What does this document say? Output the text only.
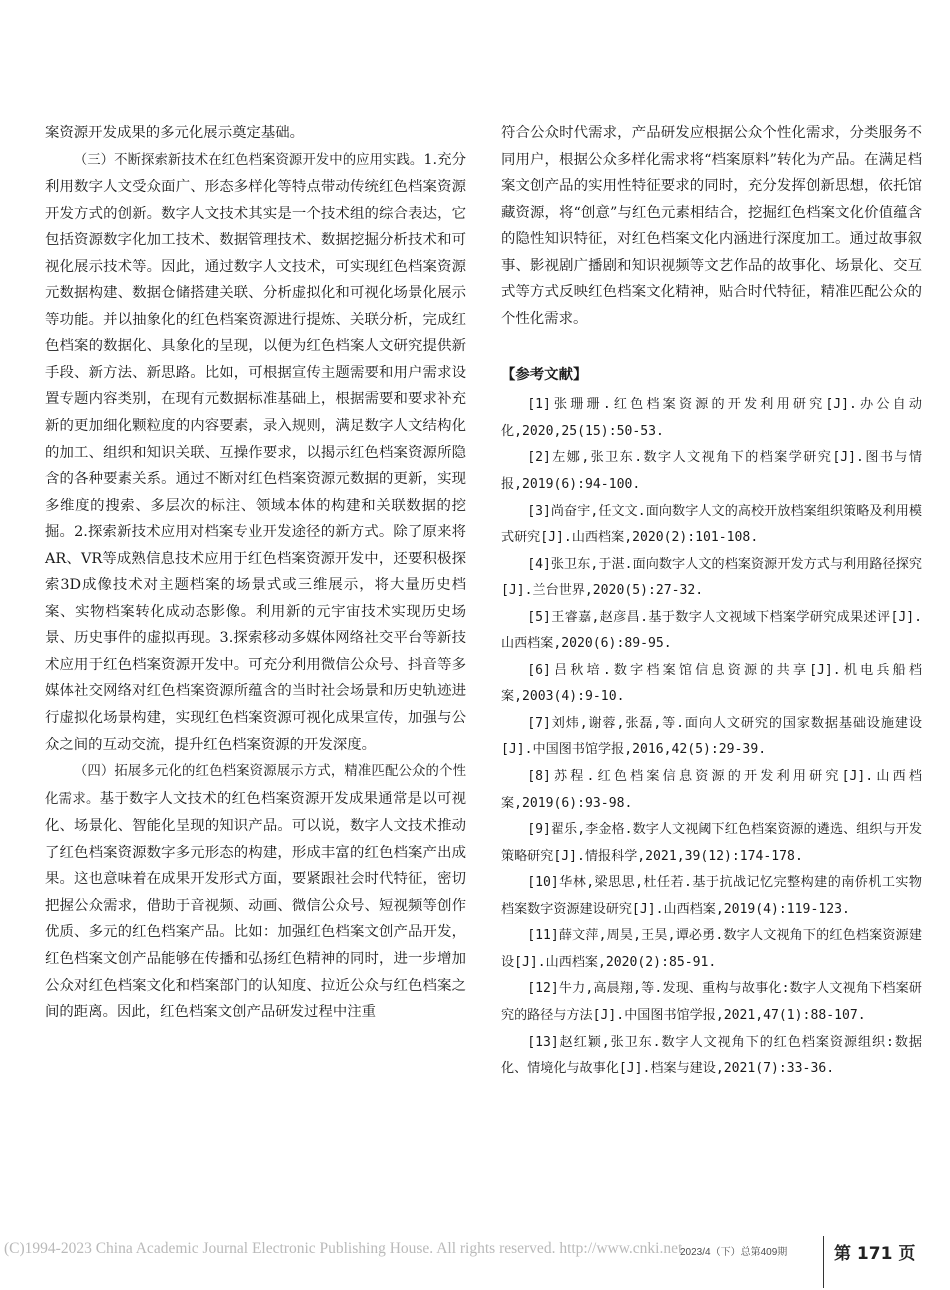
案资源开发成果的多元化展示奠定基础。

（三）不断探索新技术在红色档案资源开发中的应用实践。1.充分利用数字人文受众面广、形态多样化等特点带动传统红色档案资源开发方式的创新。数字人文技术其实是一个技术组的综合表达，它包括资源数字化加工技术、数据管理技术、数据挖掘分析技术和可视化展示技术等。因此，通过数字人文技术，可实现红色档案资源元数据构建、数据仓储搭建关联、分析虚拟化和可视化场景化展示等功能。并以抽象化的红色档案资源进行提炼、关联分析，完成红色档案的数据化、具象化的呈现，以便为红色档案人文研究提供新手段、新方法、新思路。比如，可根据宣传主题需要和用户需求设置专题内容类别，在现有元数据标准基础上，根据需要和要求补充新的更加细化颗粒度的内容要素，录入规则，满足数字人文结构化的加工、组织和知识关联、互操作要求，以揭示红色档案资源所隐含的各种要素关系。通过不断对红色档案资源元数据的更新，实现多维度的搜索、多层次的标注、领域本体的构建和关联数据的挖掘。2.探索新技术应用对档案专业开发途径的新方式。除了原来将AR、VR等成熟信息技术应用于红色档案资源开发中，还要积极探索3D成像技术对主题档案的场景式或三维展示，将大量历史档案、实物档案转化成动态影像。利用新的元宇宙技术实现历史场景、历史事件的虚拟再现。3.探索移动多媒体网络社交平台等新技术应用于红色档案资源开发中。可充分利用微信公众号、抖音等多媒体社交网络对红色档案资源所蕴含的当时社会场景和历史轨迹进行虚拟化场景构建，实现红色档案资源可视化成果宣传，加强与公众之间的互动交流，提升红色档案资源的开发深度。

（四）拓展多元化的红色档案资源展示方式，精准匹配公众的个性化需求。基于数字人文技术的红色档案资源开发成果通常是以可视化、场景化、智能化呈现的知识产品。可以说，数字人文技术推动了红色档案资源数字多元形态的构建，形成丰富的红色档案产出成果。这也意味着在成果开发形式方面，要紧跟社会时代特征，密切把握公众需求，借助于音视频、动画、微信公众号、短视频等创作优质、多元的红色档案产品。比如：加强红色档案文创产品开发，红色档案文创产品能够在传播和弘扬红色精神的同时，进一步增加公众对红色档案文化和档案部门的认知度、拉近公众与红色档案之间的距离。因此，红色档案文创产品研发过程中注重

符合公众时代需求，产品研发应根据公众个性化需求，分类服务不同用户，根据公众多样化需求将“档案原料”转化为产品。在满足档案文创产品的实用性特征要求的同时，充分发挥创新思想，依托馆藏资源，将“创意”与红色元素相结合，挖掘红色档案文化价值蕴含的隐性知识特征，对红色档案文化内涵进行深度加工。通过故事叙事、影视剧广播剧和知识视频等文艺作品的故事化、场景化、交互式等方式反映红色档案文化精神，贴合时代特征，精准匹配公众的个性化需求。

【参考文献】

[1]张珊珊.红色档案资源的开发利用研究[J].办公自动化,2020,25(15):50-53.

[2]左娜,张卫东.数字人文视角下的档案学研究[J].图书与情报,2019(6):94-100.

[3]尚奋宇,任文文.面向数字人文的高校开放档案组织策略及利用模式研究[J].山西档案,2020(2):101-108.

[4]张卫东,于湛.面向数字人文的档案资源开发方式与利用路径探究[J].兰台世界,2020(5):27-32.

[5]王睿嘉,赵彦昌.基于数字人文视域下档案学研究成果述评[J].山西档案,2020(6):89-95.

[6]吕秋培.数字档案馆信息资源的共享[J].机电兵船档案,2003(4):9-10.

[7]刘炜,谢蓉,张磊,等.面向人文研究的国家数据基础设施建设[J].中国图书馆学报,2016,42(5):29-39.

[8]苏程.红色档案信息资源的开发利用研究[J].山西档案,2019(6):93-98.

[9]翟乐,李金格.数字人文视阈下红色档案资源的遴选、组织与开发策略研究[J].情报科学,2021,39(12):174-178.

[10]华林,梁思思,杜任若.基于抗战记忆完整构建的南侨机工实物档案数字资源建设研究[J].山西档案,2019(4):119-123.

[11]薛文萍,周昊,王昊,谭必勇.数字人文视角下的红色档案资源建设[J].山西档案,2020(2):85-91.

[12]牛力,高晨翔,等.发现、重构与故事化:数字人文视角下档案研究的路径与方法[J].中国图书馆学报,2021,47(1):88-107.

[13]赵红颖,张卫东.数字人文视角下的红色档案资源组织:数据化、情境化与故事化[J].档案与建设,2021(7):33-36.

(C)1994-2023 China Academic Journal Electronic Publishing House. All rights reserved. http://www.cnki.net
2023/4（下）总第409期	第 171 页
